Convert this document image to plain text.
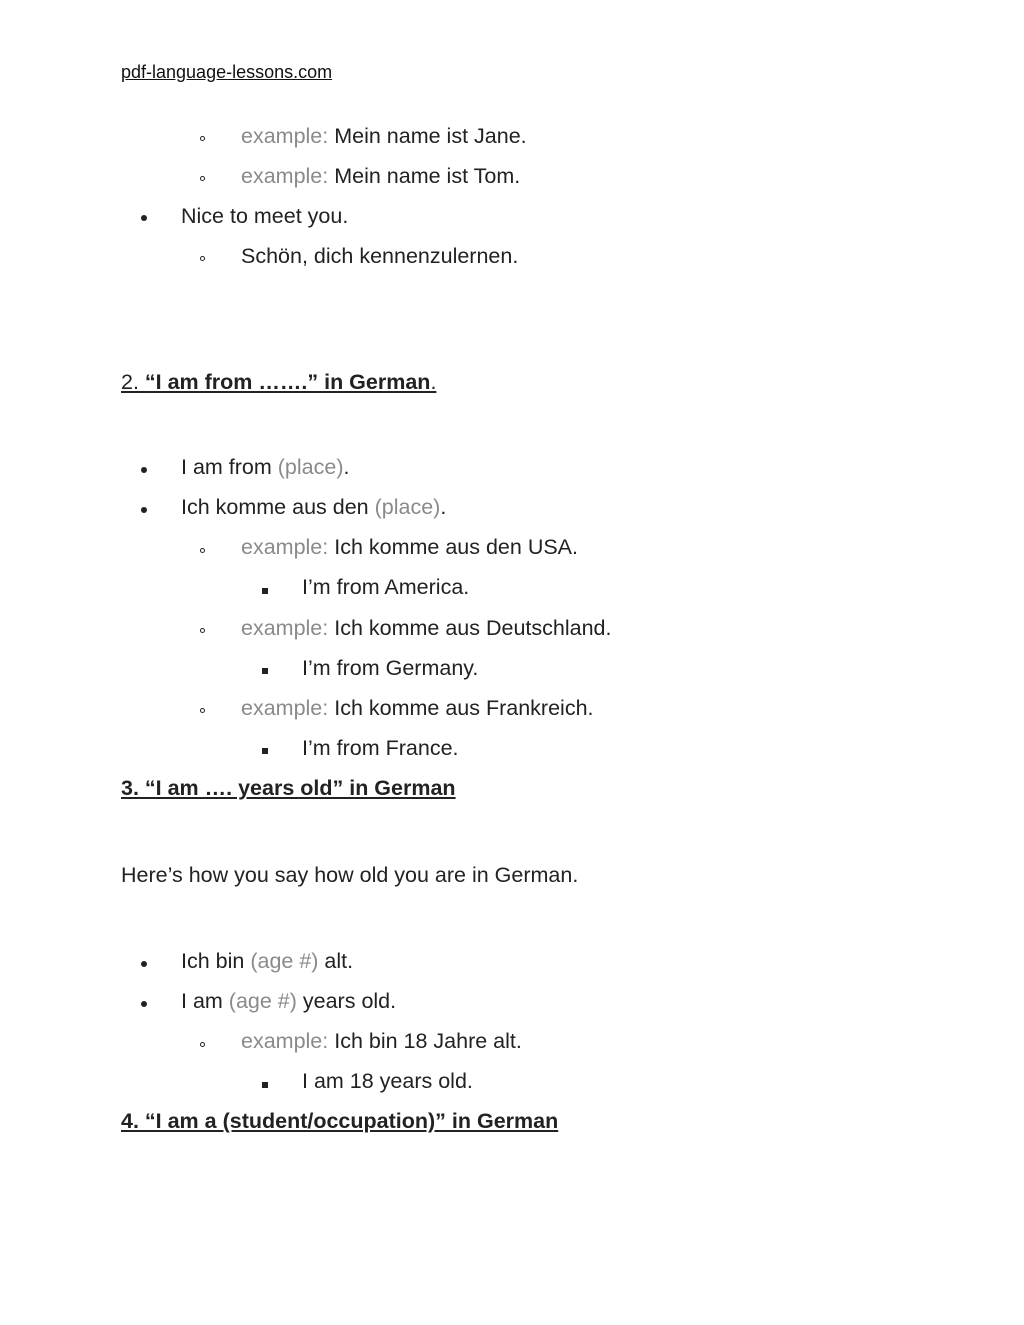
pdf-language-lessons.com
example: Mein name ist Jane.
example: Mein name ist Tom.
Nice to meet you.
Schön, dich kennenzulernen.
2. “I am from …….” in German.
I am from (place).
Ich komme aus den (place).
example: Ich komme aus den USA.
I’m from America.
example: Ich komme aus Deutschland.
I’m from Germany.
example: Ich komme aus Frankreich.
I’m from France.
3. “I am …. years old” in German
Here’s how you say how old you are in German.
Ich bin (age #) alt.
I am (age #) years old.
example: Ich bin 18 Jahre alt.
I am 18 years old.
4. “I am a (student/occupation)” in German
